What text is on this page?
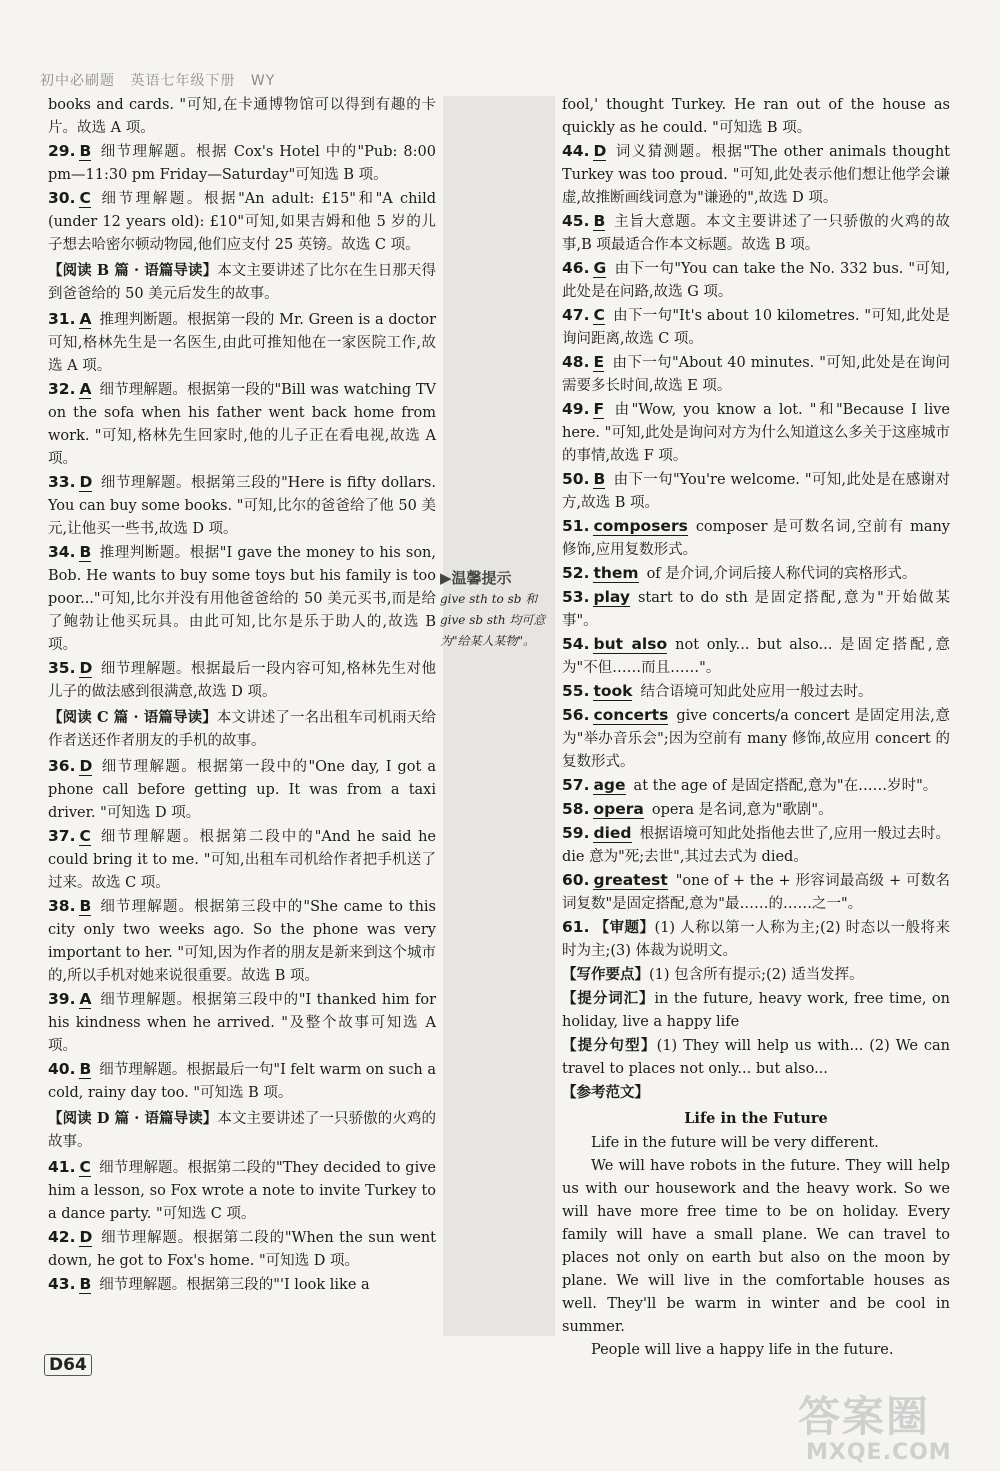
初中必刷题 英语七年级下册 WY

books and cards. "可知,在卡通博物馆可以得到有趣的卡片。故选 A 项。

29. B 细节理解题。根据 Cox's Hotel 中的"Pub: 8:00 pm—11:30 pm Friday—Saturday"可知选 B 项。

30. C 细节理解题。根据"An adult: £15"和"A child (under 12 years old): £10"可知,如果吉姆和他 5 岁的儿子想去哈密尔顿动物园,他们应支付 25 英镑。故选 C 项。

【阅读 B 篇 · 语篇导读】本文主要讲述了比尔在生日那天得到爸爸给的 50 美元后发生的故事。

31. A 推理判断题。根据第一段的 Mr. Green is a doctor 可知,格林先生是一名医生,由此可推知他在一家医院工作,故选 A 项。

32. A 细节理解题。根据第一段的"Bill was watching TV on the sofa when his father went back home from work. "可知,格林先生回家时,他的儿子正在看电视,故选 A 项。

33. D 细节理解题。根据第三段的"Here is fifty dollars. You can buy some books. "可知,比尔的爸爸给了他 50 美元,让他买一些书,故选 D 项。

34. B 推理判断题。根据"I gave the money to his son, Bob. He wants to buy some toys but his family is too poor..."可知,比尔并没有用他爸爸给的 50 美元买书,而是给了鲍勃让他买玩具。由此可知,比尔是乐于助人的,故选 B 项。

35. D 细节理解题。根据最后一段内容可知,格林先生对他儿子的做法感到很满意,故选 D 项。

【阅读 C 篇 · 语篇导读】本文讲述了一名出租车司机雨天给作者送还作者朋友的手机的故事。

36. D 细节理解题。根据第一段中的"One day, I got a phone call before getting up. It was from a taxi driver. "可知选 D 项。

37. C 细节理解题。根据第二段中的"And he said he could bring it to me. "可知,出租车司机给作者把手机送了过来。故选 C 项。

38. B 细节理解题。根据第三段中的"She came to this city only two weeks ago. So the phone was very important to her. "可知,因为作者的朋友是新来到这个城市的,所以手机对她来说很重要。故选 B 项。

39. A 细节理解题。根据第三段中的"I thanked him for his kindness when he arrived. "及整个故事可知选 A 项。

40. B 细节理解题。根据最后一句"I felt warm on such a cold, rainy day too. "可知选 B 项。

【阅读 D 篇 · 语篇导读】本文主要讲述了一只骄傲的火鸡的故事。

41. C 细节理解题。根据第二段的"They decided to give him a lesson, so Fox wrote a note to invite Turkey to a dance party. "可知选 C 项。

42. D 细节理解题。根据第二段的"When the sun went down, he got to Fox's home. "可知选 D 项。

43. B 细节理解题。根据第三段的"'I look like a

▶温馨提示
give sth to sb 和 give sb sth 均可意为"给某人某物"。

fool,' thought Turkey. He ran out of the house as quickly as he could. "可知选 B 项。

44. D 词义猜测题。根据"The other animals thought Turkey was too proud. "可知,此处表示他们想让他学会谦虚,故推断画线词意为"谦逊的",故选 D 项。

45. B 主旨大意题。本文主要讲述了一只骄傲的火鸡的故事,B 项最适合作本文标题。故选 B 项。

46. G 由下一句"You can take the No. 332 bus. "可知,此处是在问路,故选 G 项。

47. C 由下一句"It's about 10 kilometres. "可知,此处是询问距离,故选 C 项。

48. E 由下一句"About 40 minutes. "可知,此处是在询问需要多长时间,故选 E 项。

49. F 由"Wow, you know a lot. "和"Because I live here. "可知,此处是询问对方为什么知道这么多关于这座城市的事情,故选 F 项。

50. B 由下一句"You're welcome. "可知,此处是在感谢对方,故选 B 项。

51. composers composer 是可数名词,空前有 many 修饰,应用复数形式。

52. them of 是介词,介词后接人称代词的宾格形式。

53. play start to do sth 是固定搭配,意为"开始做某事"。

54. but also not only... but also... 是固定搭配,意为"不但……而且……"。

55. took 结合语境可知此处应用一般过去时。

56. concerts give concerts/a concert 是固定用法,意为"举办音乐会";因为空前有 many 修饰,故应用 concert 的复数形式。

57. age at the age of 是固定搭配,意为"在……岁时"。

58. opera opera 是名词,意为"歌剧"。

59. died 根据语境可知此处指他去世了,应用一般过去时。die 意为"死;去世",其过去式为 died。

60. greatest "one of + the + 形容词最高级 + 可数名词复数"是固定搭配,意为"最……的……之一"。

61. 【审题】(1) 人称以第一人称为主;(2) 时态以一般将来时为主;(3) 体裁为说明文。

【写作要点】(1) 包含所有提示;(2) 适当发挥。

【提分词汇】in the future, heavy work, free time, on holiday, live a happy life

【提分句型】(1) They will help us with... (2) We can travel to places not only... but also...

【参考范文】

Life in the Future

Life in the future will be very different.

We will have robots in the future. They will help us with our housework and the heavy work. So we will have more free time to be on holiday. Every family will have a small plane. We can travel to places not only on earth but also on the moon by plane. We will live in the comfortable houses as well. They'll be warm in winter and be cool in summer.

People will live a happy life in the future.

D64
答案圈
MXQE.COM
